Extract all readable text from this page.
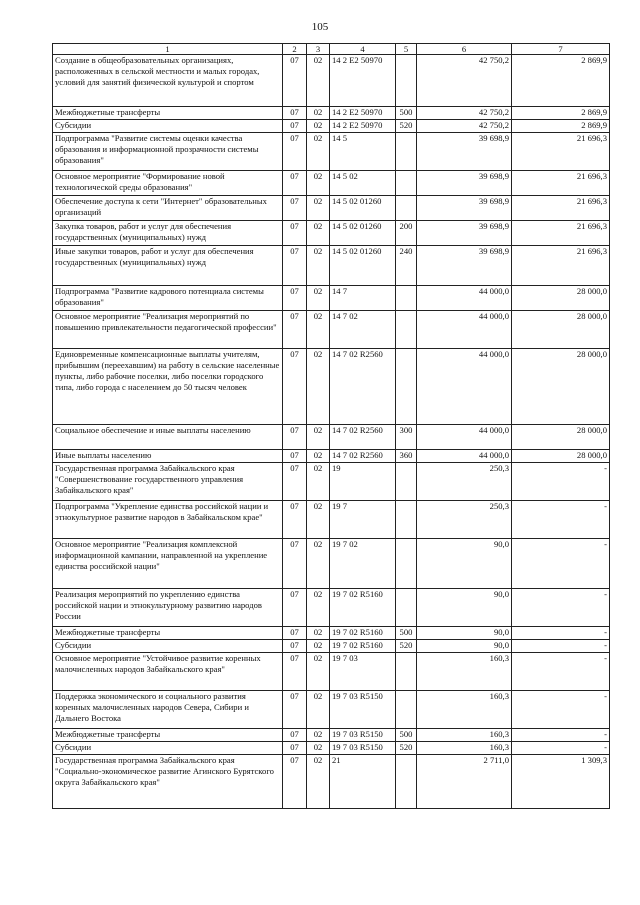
105
1	2	3	4	5	6	7
Создание в общеобразовательных организациях, расположенных в сельской местности и малых городах, условий для занятий физической культурой и спортом	07	02	14 2 E2 50970		42 750,2	2 869,9
Межбюджетные трансферты	07	02	14 2 E2 50970	500	42 750,2	2 869,9
Субсидии	07	02	14 2 E2 50970	520	42 750,2	2 869,9
Подпрограмма "Развитие системы оценки качества образования и информационной прозрачности системы образования"	07	02	14 5		39 698,9	21 696,3
Основное мероприятие "Формирование новой технологической среды образования"	07	02	14 5 02		39 698,9	21 696,3
Обеспечение доступа к сети "Интернет" образовательных организаций	07	02	14 5 02 01260		39 698,9	21 696,3
Закупка товаров, работ и услуг для обеспечения государственных (муниципальных) нужд	07	02	14 5 02 01260	200	39 698,9	21 696,3
Иные закупки товаров, работ и услуг для обеспечения государственных (муниципальных) нужд	07	02	14 5 02 01260	240	39 698,9	21 696,3
Подпрограмма "Развитие кадрового потенциала системы образования"	07	02	14 7		44 000,0	28 000,0
Основное мероприятие "Реализация мероприятий по повышению привлекательности педагогической профессии"	07	02	14 7 02		44 000,0	28 000,0
Единовременные компенсационные выплаты учителям, прибывшим (переехавшим) на работу в сельские населенные пункты, либо рабочие поселки, либо поселки городского типа, либо города с населением до 50 тысяч человек	07	02	14 7 02 R2560		44 000,0	28 000,0
Социальное обеспечение и иные выплаты населению	07	02	14 7 02 R2560	300	44 000,0	28 000,0
Иные выплаты населению	07	02	14 7 02 R2560	360	44 000,0	28 000,0
Государственная программа Забайкальского края "Совершенствование государственного управления Забайкальского края"	07	02	19		250,3	-
Подпрограмма "Укрепление единства российской нации и этнокультурное развитие народов в Забайкальском крае"	07	02	19 7		250,3	-
Основное мероприятие "Реализация комплексной информационной кампании, направленной на укрепление единства российской нации"	07	02	19 7 02		90,0	-
Реализация мероприятий по укреплению единства российской нации и этнокультурному развитию народов России	07	02	19 7 02 R5160		90,0	-
Межбюджетные трансферты	07	02	19 7 02 R5160	500	90,0	-
Субсидии	07	02	19 7 02 R5160	520	90,0	-
Основное мероприятие "Устойчивое развитие коренных малочисленных народов Забайкальского края"	07	02	19 7 03		160,3	-
Поддержка экономического и социального развития коренных малочисленных народов Севера, Сибири и Дальнего Востока	07	02	19 7 03 R5150		160,3	-
Межбюджетные трансферты	07	02	19 7 03 R5150	500	160,3	-
Субсидии	07	02	19 7 03 R5150	520	160,3	-
Государственная программа Забайкальского края "Социально-экономическое развитие Агинского Бурятского округа Забайкальского края"	07	02	21		2 711,0	1 309,3
